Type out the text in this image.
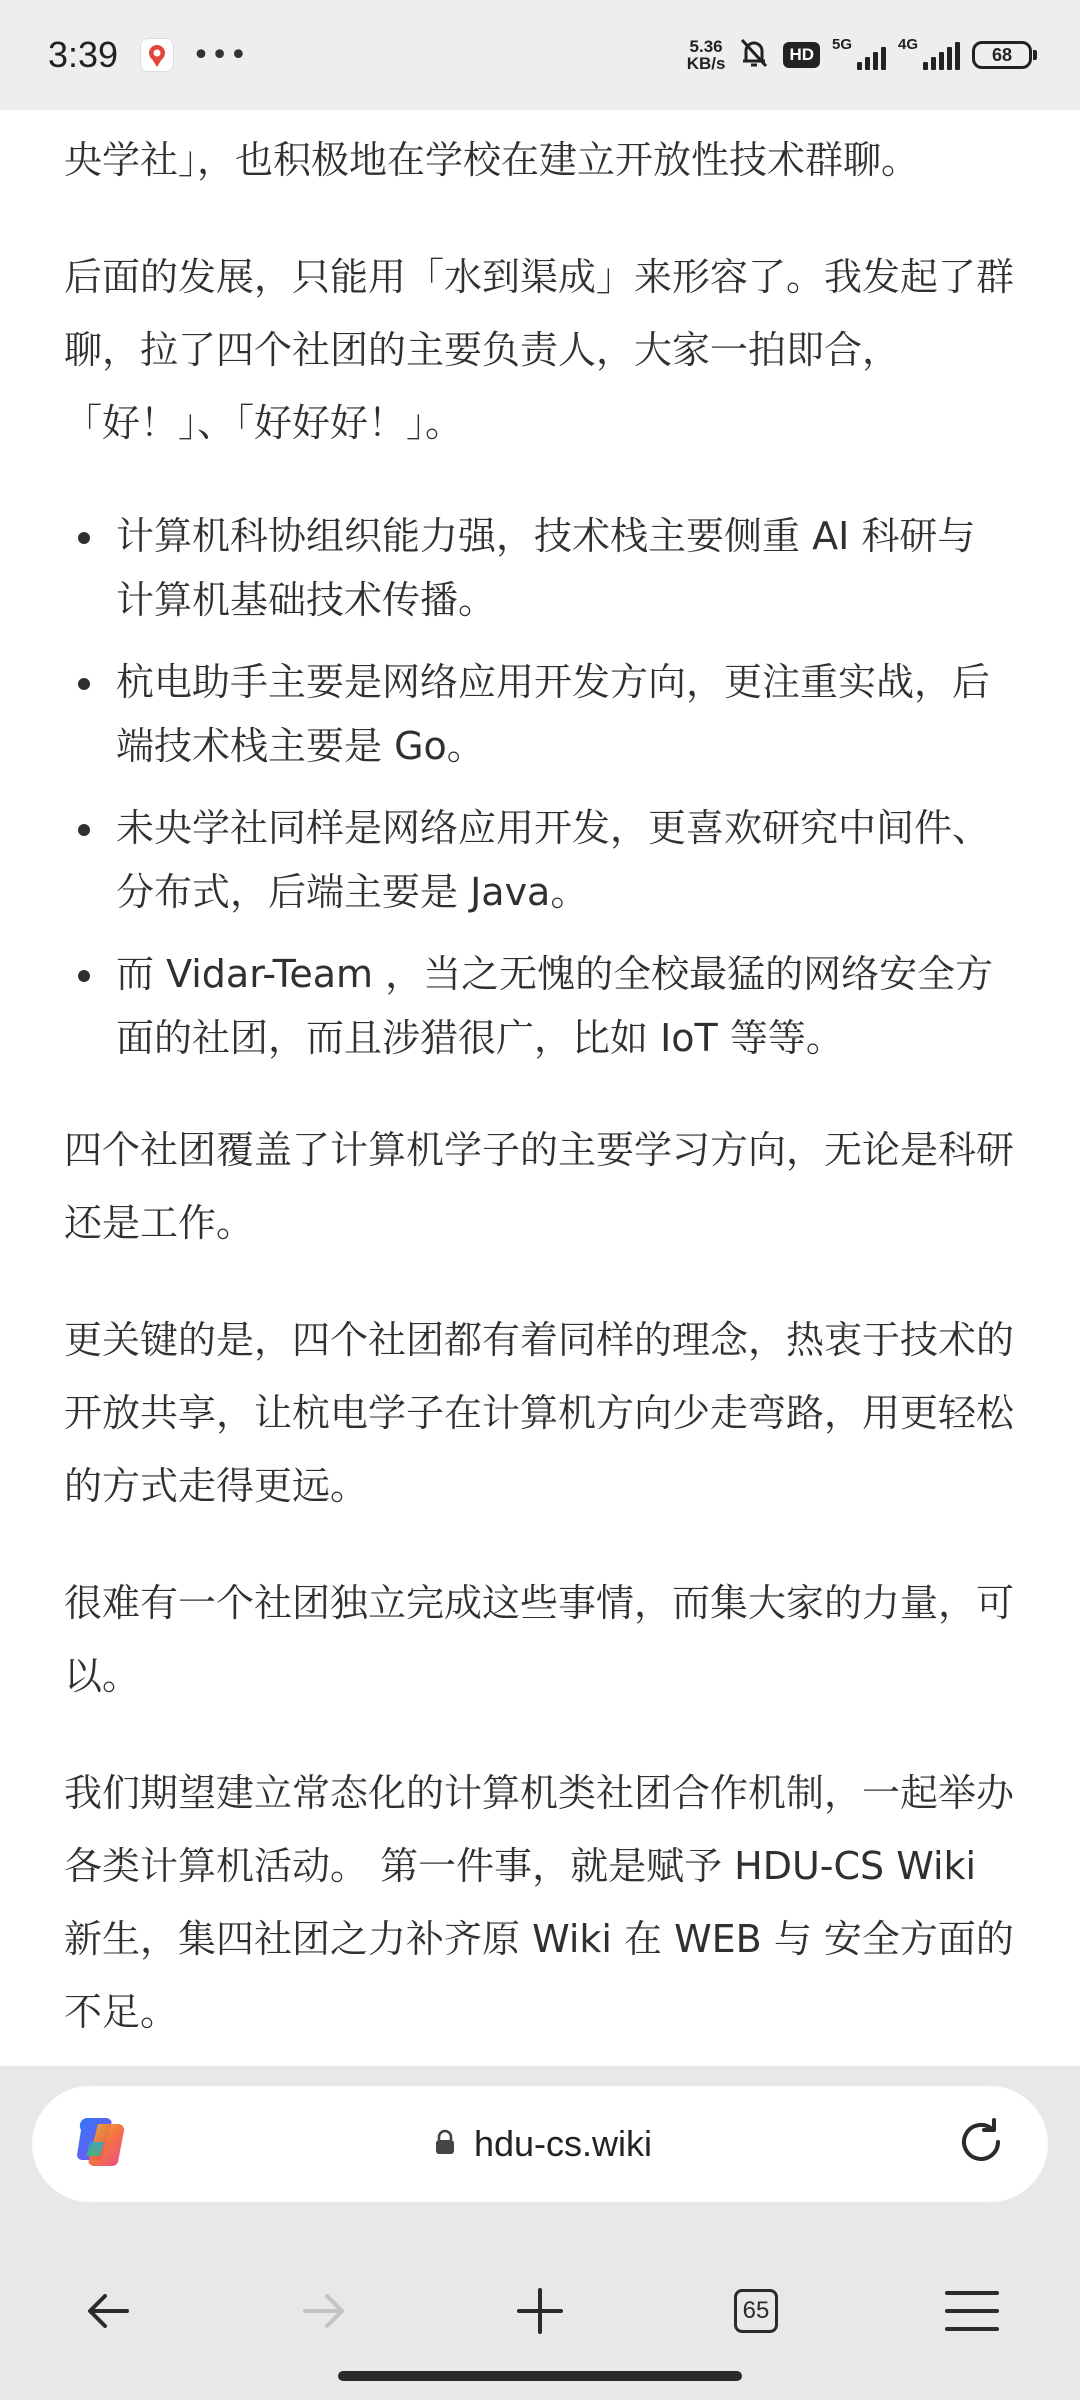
3:39 •••	5.36
KB/s	HD
5G	4G	68

央学社」，也积极地在学校在建立开放性技术群聊。

后面的发展，只能用「水到渠成」来形容了。我发起了群聊，拉了四个社团的主要负责人，大家一拍即合，「好！」、「好好好！」。

计算机科协组织能力强，技术栈主要侧重 AI 科研与 计算机基础技术传播。
杭电助手主要是网络应用开发方向，更注重实战，后端技术栈主要是 Go。
未央学社同样是网络应用开发，更喜欢研究中间件、分布式，后端主要是 Java。
而 Vidar-Team ，当之无愧的全校最猛的网络安全方面的社团，而且涉猎很广，比如 IoT 等等。

四个社团覆盖了计算机学子的主要学习方向，无论是科研还是工作。

更关键的是，四个社团都有着同样的理念，热衷于技术的开放共享，让杭电学子在计算机方向少走弯路，用更轻松的方式走得更远。

很难有一个社团独立完成这些事情，而集大家的力量，可以。

我们期望建立常态化的计算机类社团合作机制，一起举办各类计算机活动。 第一件事，就是赋予 HDU-CS Wiki 新生，集四社团之力补齐原 Wiki 在 WEB 与 安全方面的不足。

hdu-cs.wiki
65
